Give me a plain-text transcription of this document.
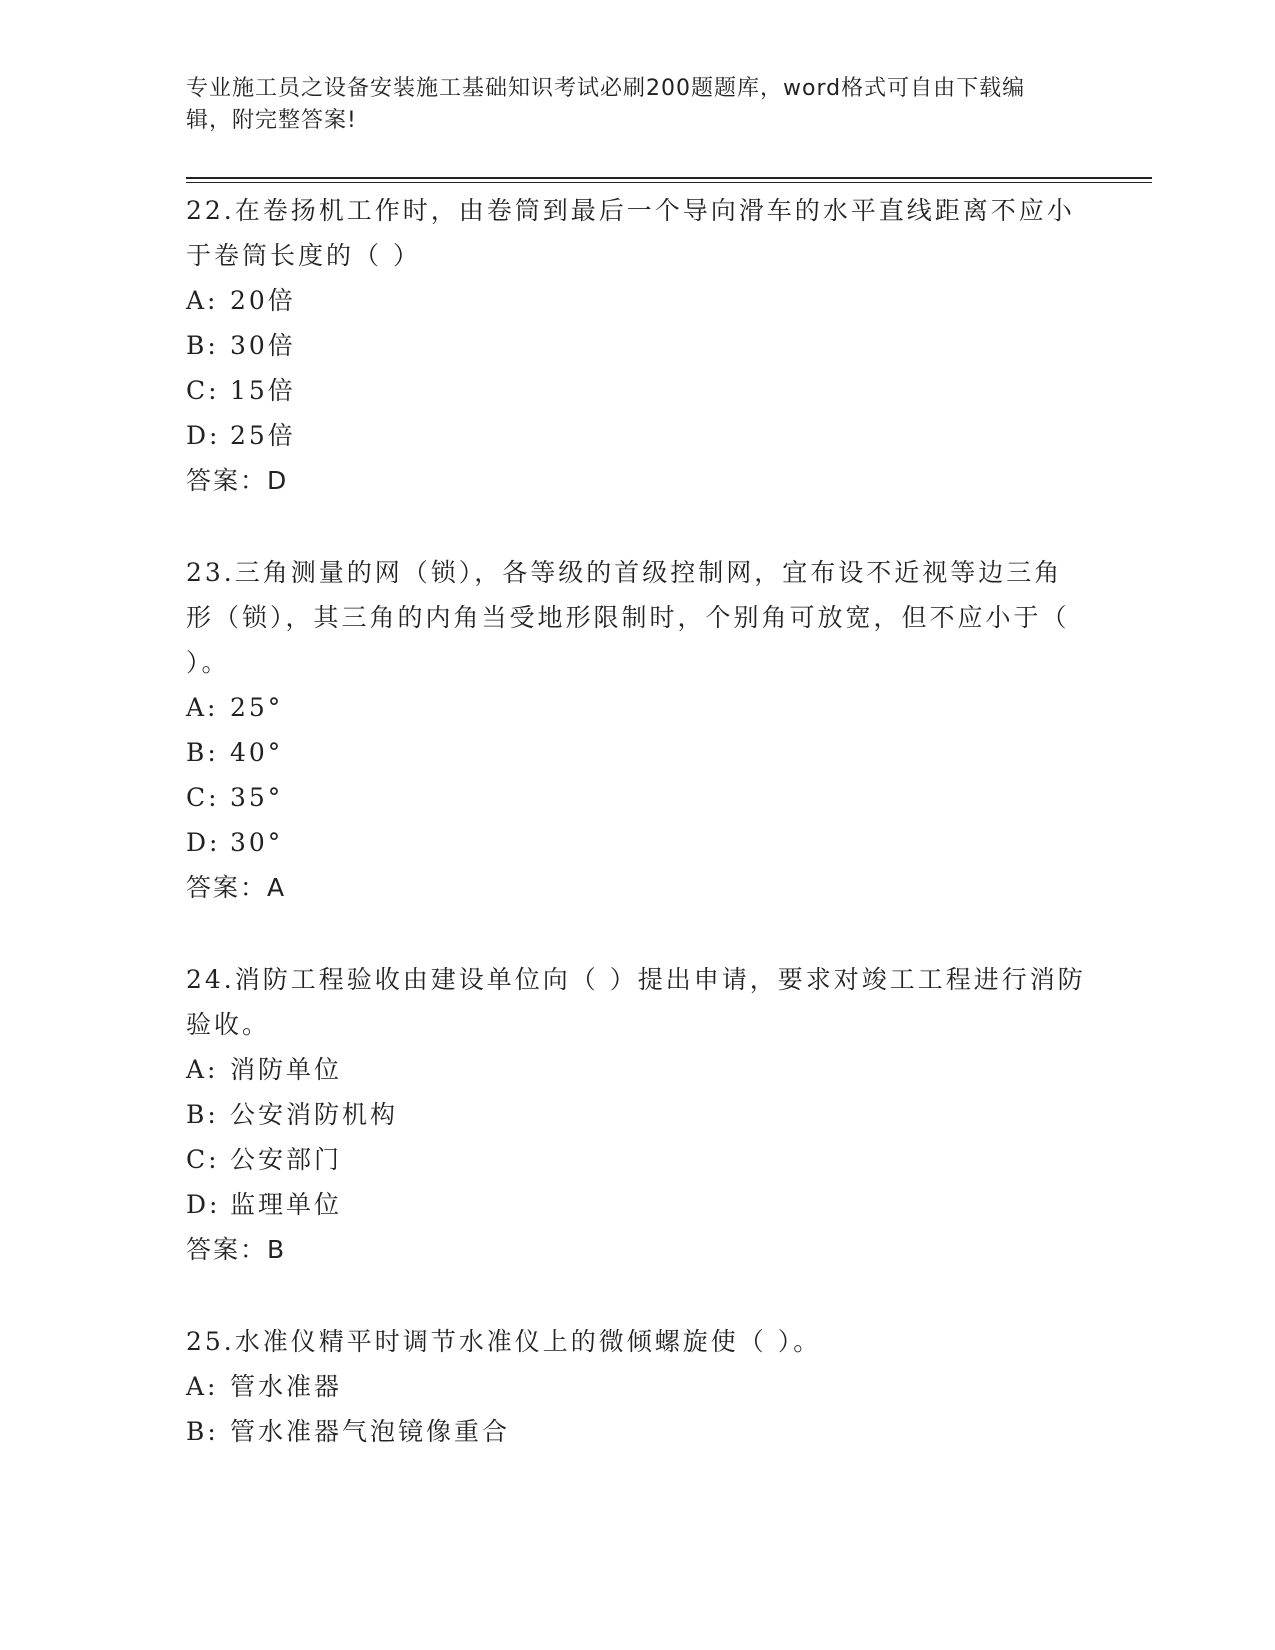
专业施工员之设备安装施工基础知识考试必刷200题题库，word格式可自由下载编辑，附完整答案!

22.在卷扬机工作时，由卷筒到最后一个导向滑车的水平直线距离不应小于卷筒长度的（ ）

A: 20倍

B: 30倍

C: 15倍

D: 25倍

答案：D

23.三角测量的网（锁），各等级的首级控制网，宜布设不近视等边三角形（锁），其三角的内角当受地形限制时，个别角可放宽，但不应小于（ ）。

A: 25°

B: 40°

C: 35°

D: 30°

答案：A

24.消防工程验收由建设单位向（ ）提出申请，要求对竣工工程进行消防验收。

A: 消防单位

B: 公安消防机构

C: 公安部门

D: 监理单位

答案：B

25.水准仪精平时调节水准仪上的微倾螺旋使（ ）。

A: 管水准器

B: 管水准器气泡镜像重合
